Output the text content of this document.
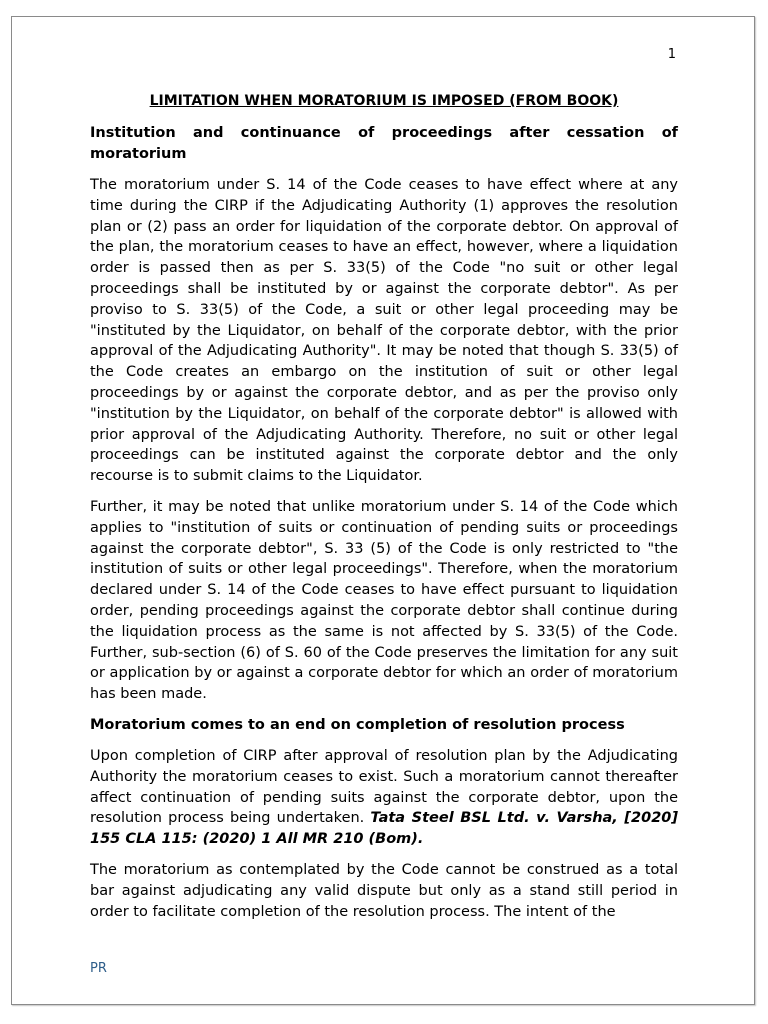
1
LIMITATION WHEN MORATORIUM IS IMPOSED (FROM BOOK)
Institution and continuance of proceedings after cessation of moratorium

The moratorium under S. 14 of the Code ceases to have effect where at any time during the CIRP if the Adjudicating Authority (1) approves the resolution plan or (2) pass an order for liquidation of the corporate debtor. On approval of the plan, the moratorium ceases to have an effect, however, where a liquidation order is passed then as per S. 33(5) of the Code "no suit or other legal proceedings shall be instituted by or against the corporate debtor". As per proviso to S. 33(5) of the Code, a suit or other legal proceeding may be "instituted by the Liquidator, on behalf of the corporate debtor, with the prior approval of the Adjudicating Authority". It may be noted that though S. 33(5) of the Code creates an embargo on the institution of suit or other legal proceedings by or against the corporate debtor, and as per the proviso only "institution by the Liquidator, on behalf of the corporate debtor" is allowed with prior approval of the Adjudicating Authority. Therefore, no suit or other legal proceedings can be instituted against the corporate debtor and the only recourse is to submit claims to the Liquidator.

Further, it may be noted that unlike moratorium under S. 14 of the Code which applies to "institution of suits or continuation of pending suits or proceedings against the corporate debtor", S. 33 (5) of the Code is only restricted to "the institution of suits or other legal proceedings". Therefore, when the moratorium declared under S. 14 of the Code ceases to have effect pursuant to liquidation order, pending proceedings against the corporate debtor shall continue during the liquidation process as the same is not affected by S. 33(5) of the Code. Further, sub-section (6) of S. 60 of the Code preserves the limitation for any suit or application by or against a corporate debtor for which an order of moratorium has been made.

Moratorium comes to an end on completion of resolution process

Upon completion of CIRP after approval of resolution plan by the Adjudicating Authority the moratorium ceases to exist. Such a moratorium cannot thereafter affect continuation of pending suits against the corporate debtor, upon the resolution process being undertaken. Tata Steel BSL Ltd. v. Varsha, [2020] 155 CLA 115: (2020) 1 All MR 210 (Bom).

The moratorium as contemplated by the Code cannot be construed as a total bar against adjudicating any valid dispute but only as a stand still period in order to facilitate completion of the resolution process. The intent of the

PR
